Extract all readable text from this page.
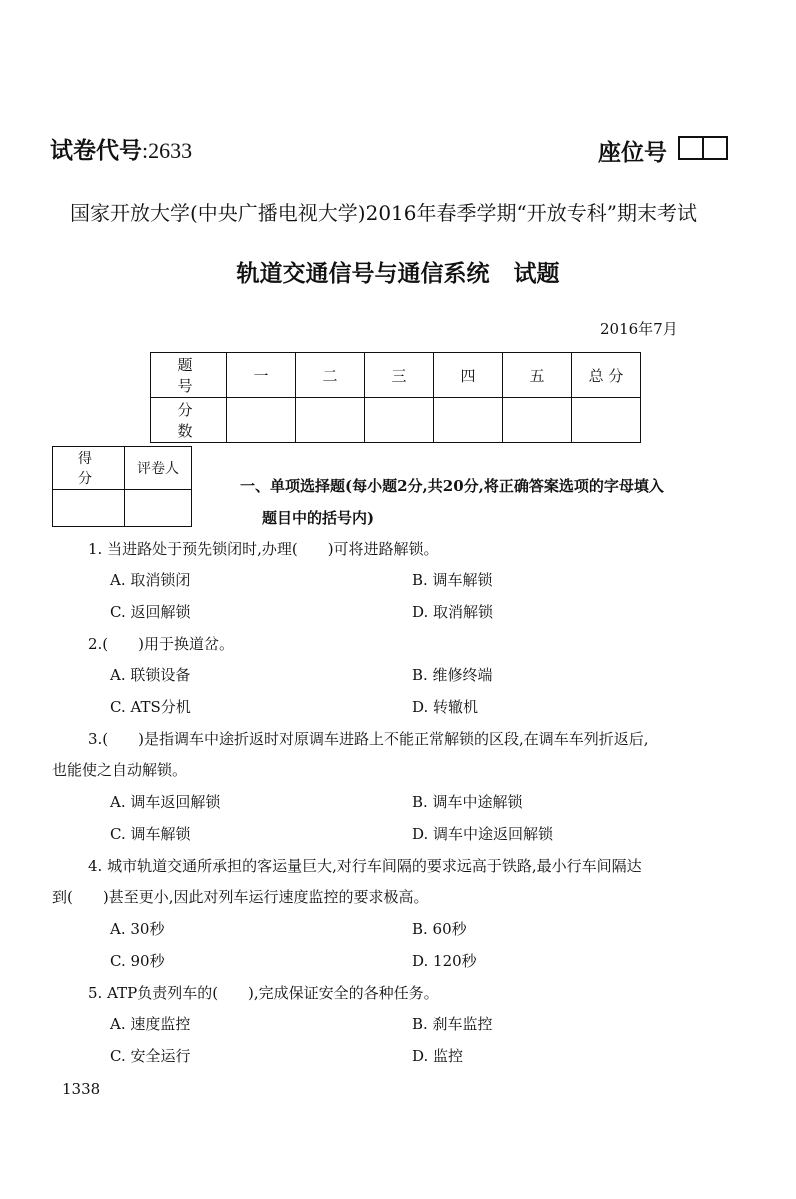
试卷代号:2633	座位号
国家开放大学(中央广播电视大学)2016年春季学期“开放专科”期末考试
轨道交通信号与通信系统 试题
2016年7月
题 号	一	二	三	四	五	总 分
分 数						
得 分	评卷人

一、单项选择题(每小题2分,共20分,将正确答案选项的字母填入
题目中的括号内)
1. 当进路处于预先锁闭时,办理(　　)可将进路解锁。
A. 取消锁闭	B. 调车解锁
C. 返回解锁	D. 取消解锁
2.(　　)用于换道岔。
A. 联锁设备	B. 维修终端
C. ATS分机	D. 转辙机
3.(　　)是指调车中途折返时对原调车进路上不能正常解锁的区段,在调车车列折返后,
也能使之自动解锁。
A. 调车返回解锁	B. 调车中途解锁
C. 调车解锁	D. 调车中途返回解锁
4. 城市轨道交通所承担的客运量巨大,对行车间隔的要求远高于铁路,最小行车间隔达
到(　　)甚至更小,因此对列车运行速度监控的要求极高。
A. 30秒	B. 60秒
C. 90秒	D. 120秒
5. ATP负责列车的(　　),完成保证安全的各种任务。
A. 速度监控	B. 刹车监控
C. 安全运行	D. 监控
1338
